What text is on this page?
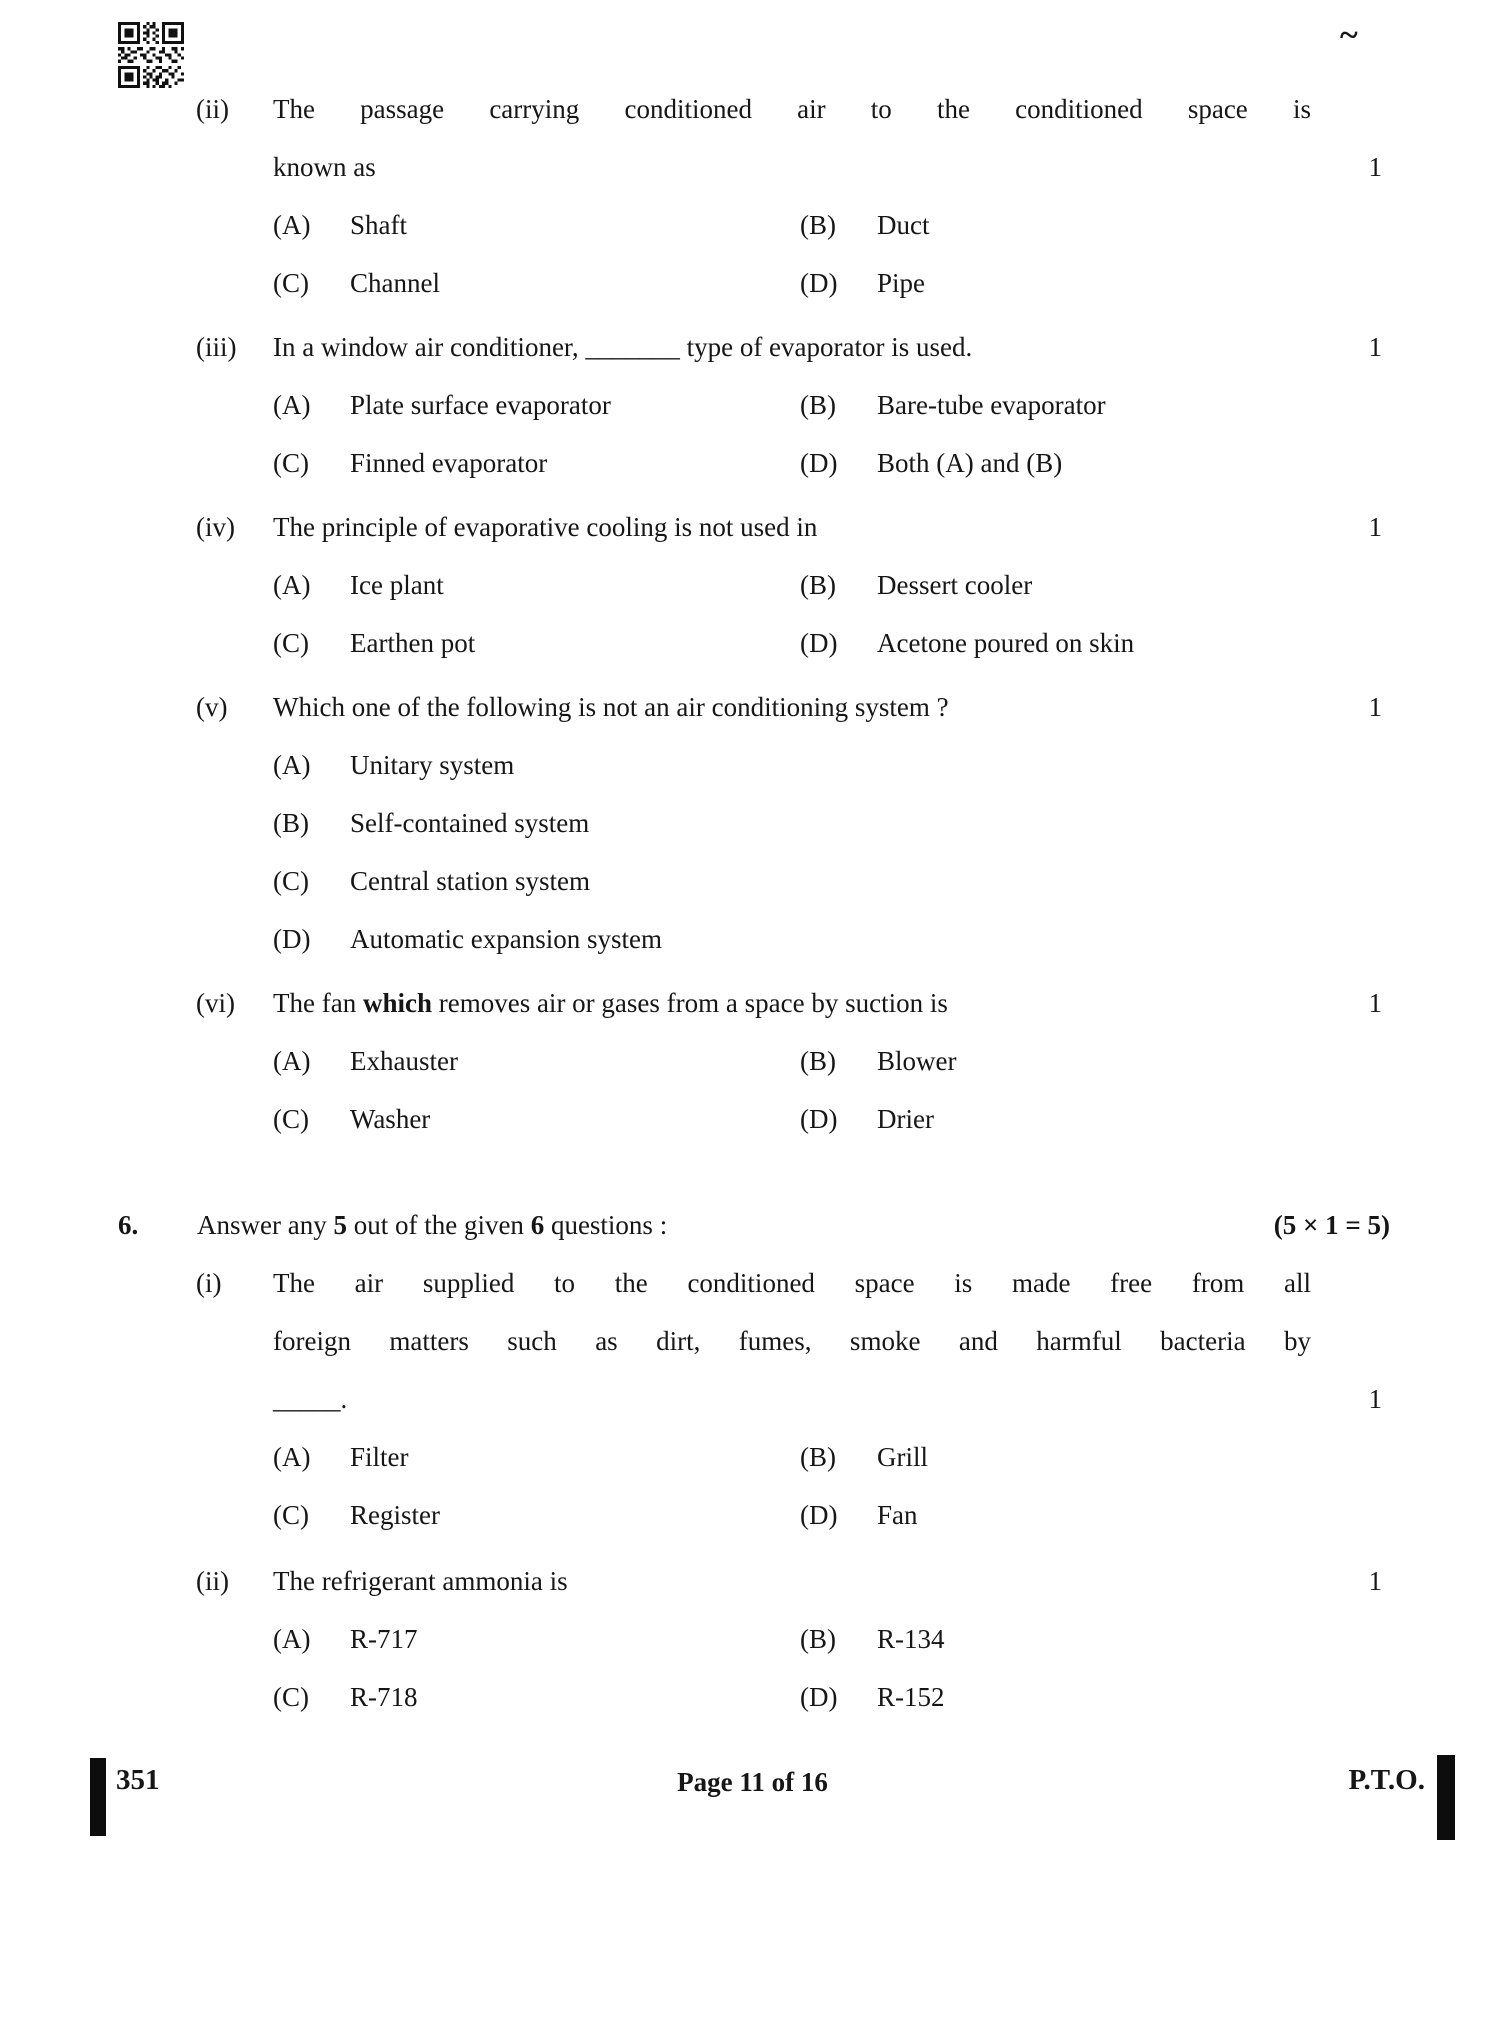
~
(ii)	The passage carrying conditioned air to the conditioned space is
known as	1
(A)	Shaft	(B)	Duct
(C)	Channel	(D)	Pipe
(iii)	In a window air conditioner, _______ type of evaporator is used.	1
(A)	Plate surface evaporator	(B)	Bare-tube evaporator
(C)	Finned evaporator	(D)	Both (A) and (B)
(iv)	The principle of evaporative cooling is not used in	1
(A)	Ice plant	(B)	Dessert cooler
(C)	Earthen pot	(D)	Acetone poured on skin
(v)	Which one of the following is not an air conditioning system ?	1
(A)	Unitary system
(B)	Self-contained system
(C)	Central station system
(D)	Automatic expansion system
(vi)	The fan which removes air or gases from a space by suction is	1
(A)	Exhauster	(B)	Blower
(C)	Washer	(D)	Drier
6.	Answer any 5 out of the given 6 questions :	(5 × 1 = 5)
(i)	The air supplied to the conditioned space is made free from all
foreign matters such as dirt, fumes, smoke and harmful bacteria by
_____.	1
(A)	Filter	(B)	Grill
(C)	Register	(D)	Fan
(ii)	The refrigerant ammonia is	1
(A)	R-717	(B)	R-134
(C)	R-718	(D)	R-152
351	Page 11 of 16	P.T.O.
